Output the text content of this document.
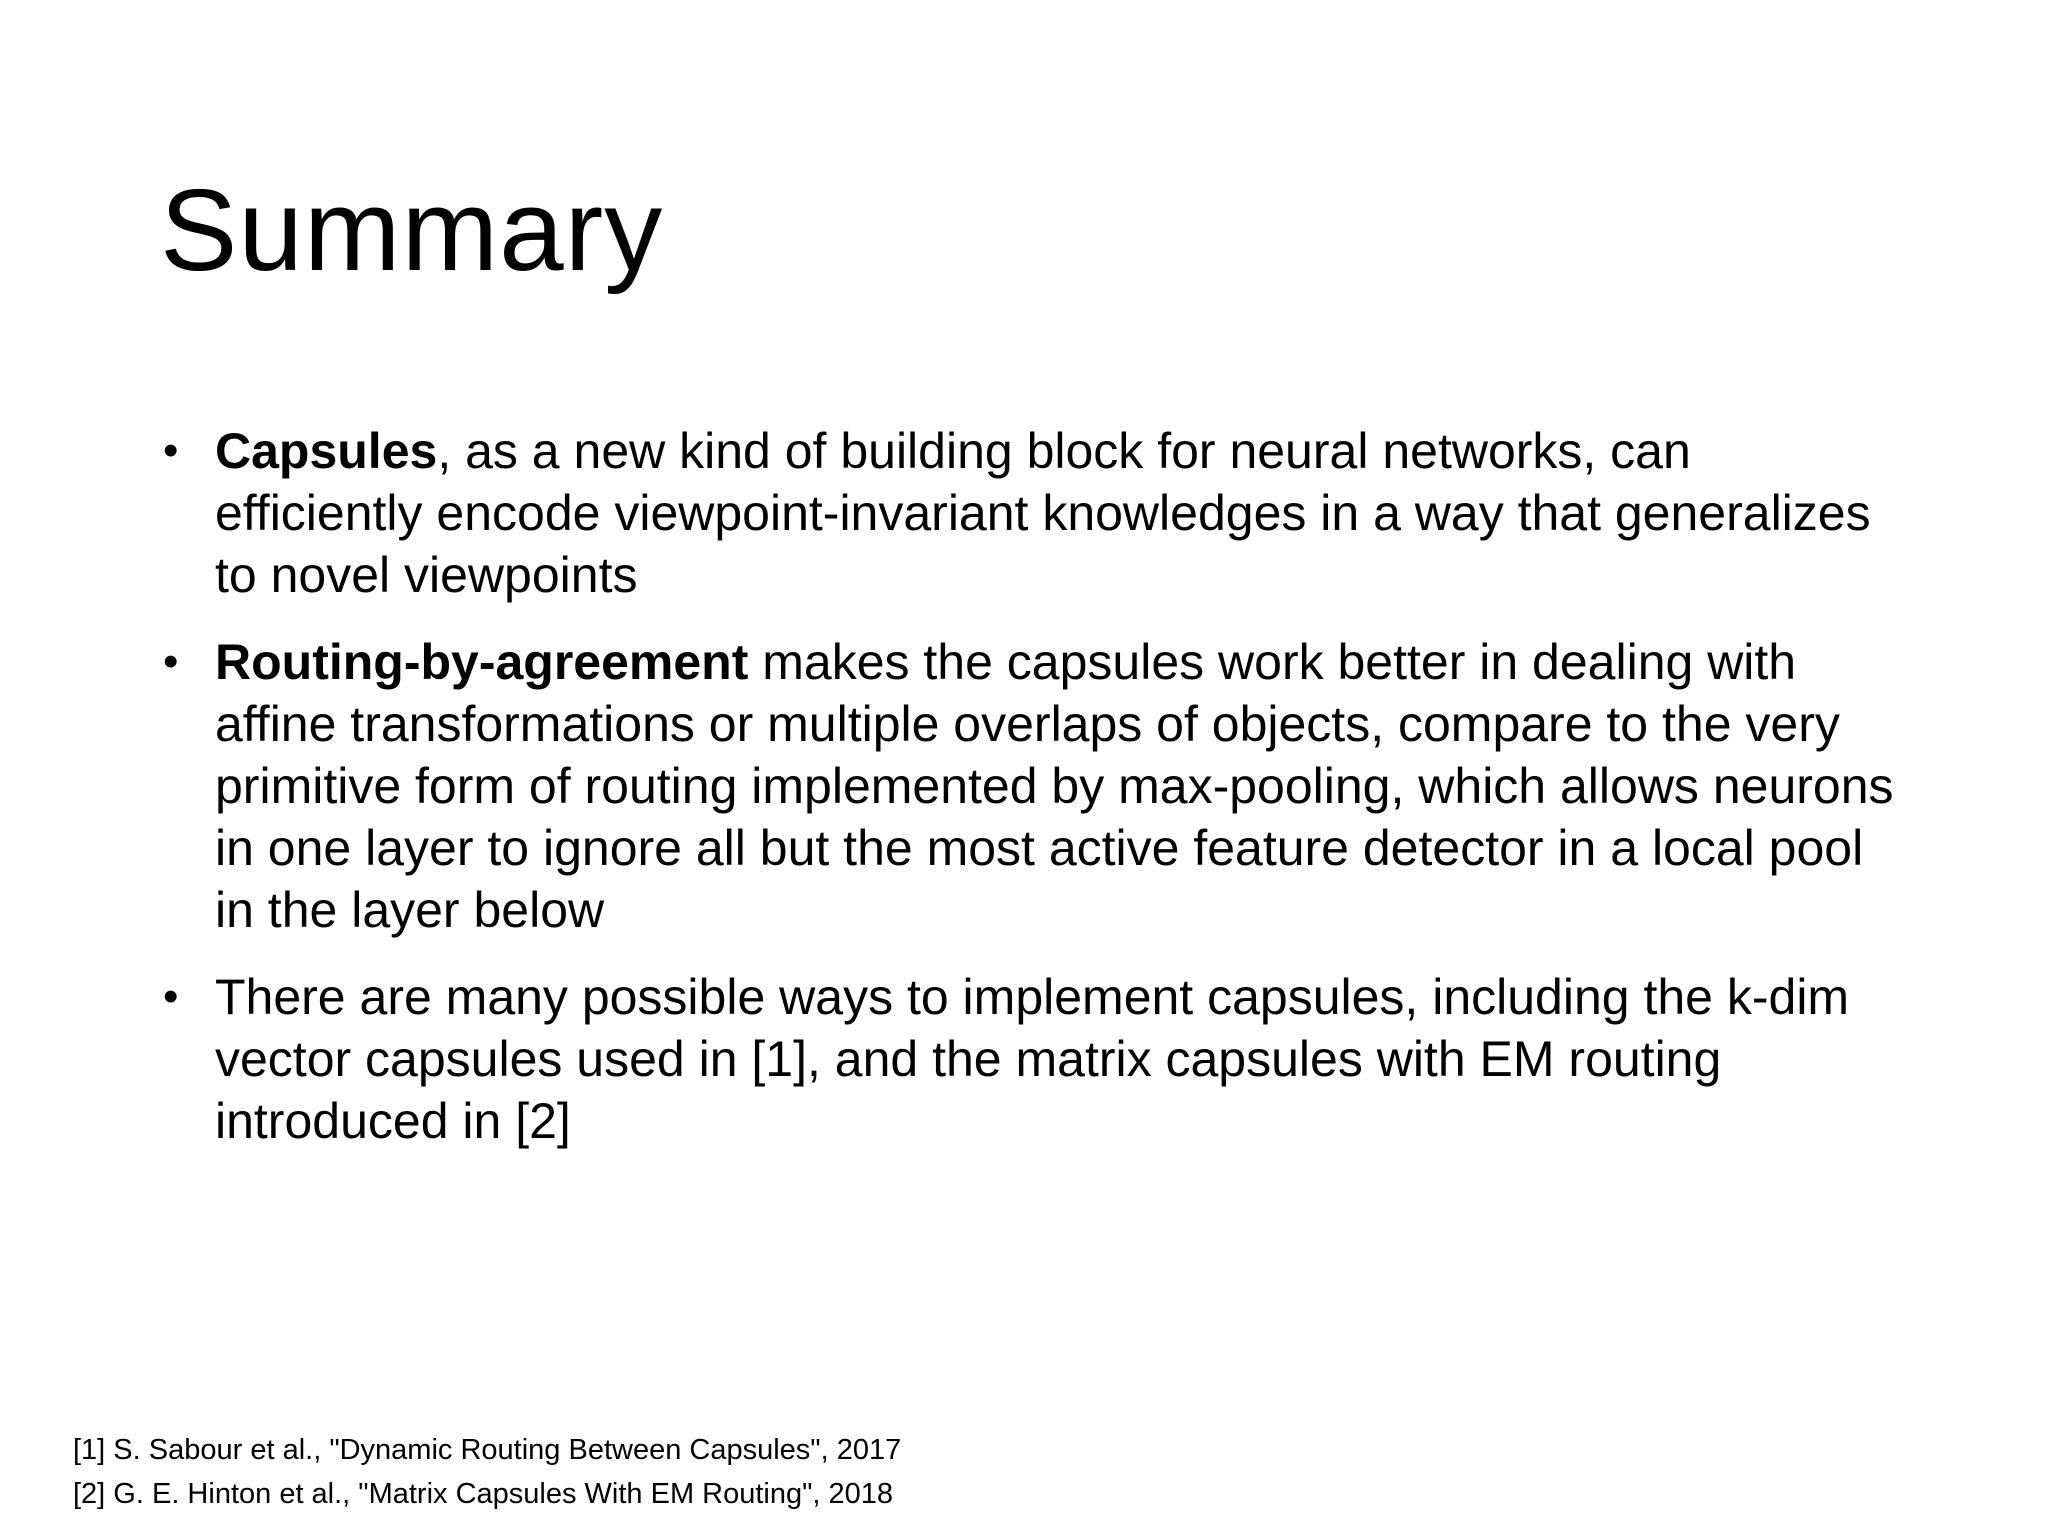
Summary
• Capsules, as a new kind of building block for neural networks, can efficiently encode viewpoint-invariant knowledges in a way that generalizes to novel viewpoints
• Routing-by-agreement makes the capsules work better in dealing with affine transformations or multiple overlaps of objects, compare to the very primitive form of routing implemented by max-pooling, which allows neurons in one layer to ignore all but the most active feature detector in a local pool in the layer below
• There are many possible ways to implement capsules, including the k-dim vector capsules used in [1], and the matrix capsules with EM routing introduced in [2]
[1] S. Sabour et al., "Dynamic Routing Between Capsules", 2017
[2] G. E. Hinton et al., "Matrix Capsules With EM Routing", 2018
